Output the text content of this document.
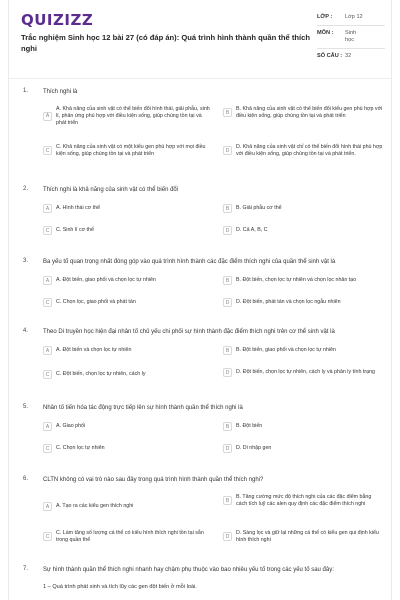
QUIZIZZ
Trắc nghiệm Sinh học 12 bài 27 (có đáp án): Quá trình hình thành quần thể thích nghi
LỚP :	Lớp 12
MÔN :	Sinh học
SỐ CÂU : 32
1. Thích nghi là
A
A. Khả năng của sinh vật có thể biến đổi hình thái, giải phẫu, sinh lí, phản ứng phù hợp với điều kiện sống, giúp chúng tồn tại và phát triển
B
B. Khả năng của sinh vật có thể biến đổi kiểu gen phù hợp với điều kiện sống, giúp chúng tồn tại và phát triển
C
C. Khả năng của sinh vật có một kiểu gen phù hợp với mọi điều kiện sống, giúp chúng tồn tại và phát triển	D
D. Khả năng của sinh vật chỉ có thể biến đổi hình thái phù hợp với điều kiện sống, giúp chúng tồn tại và phát triển.
2. Thích nghi là khả năng của sinh vật có thể biến đổi
A	A. Hình thái cơ thể	B	B. Giải phẫu cơ thể
C	C. Sinh lí cơ thể	D	D. Cả A, B, C
3. Ba yếu tố quan trọng nhất đóng góp vào quá trình hình thành các đặc điểm thích nghi của quần thể sinh vật là
A	A. Đột biến, giao phối và chọn lọc tự nhiên	B	B. Đột biến, chọn lọc tự nhiên và chọn lọc nhân tạo
C	C. Chọn lọc, giao phối và phát tán	D	D. Đột biến, phát tán và chọn lọc ngẫu nhiên
4. Theo Di truyền học hiện đại nhân tố chủ yếu chi phối sự hình thành đặc điểm thích nghi trên cơ thể sinh vật là
A	A. Đột biến và chọn lọc tự nhiên	B	B. Đột biến, giao phối và chọn lọc tự nhiên
C	C. Đột biến, chọn lọc tự nhiên, cách ly	D	D. Đột biến, chọn lọc tự nhiên, cách ly và phân ly tính trạng
5. Nhân tố tiến hóa tác động trực tiếp lên sự hình thành quần thể thích nghi là
A	A. Giao phối	B	B. Đột biến
C	C. Chọn lọc tự nhiên	D	D. Di nhập gen
6. CLTN không có vai trò nào sau đây trong quá trình hình thành quần thể thích nghi?
A	A. Tạo ra các kiểu gen thích nghi
B
B. Tăng cường mức độ thích nghi của các đặc điểm bằng cách tích luỹ các alen quy định các đặc điểm thích nghi
C
C. Làm tăng số lượng cá thể có kiểu hình thích nghi tồn tại sẵn trong quần thể	D
D. Sàng lọc và giữ lại những cá thể có kiểu gen qui định kiểu hình thích nghi
7. Sự hình thành quần thể thích nghi nhanh hay chậm phụ thuộc vào bao nhiêu yếu tố trong các yếu tố sau đây:
1 – Quá trình phát sinh và tích lũy các gen đột biến ở mỗi loài.
